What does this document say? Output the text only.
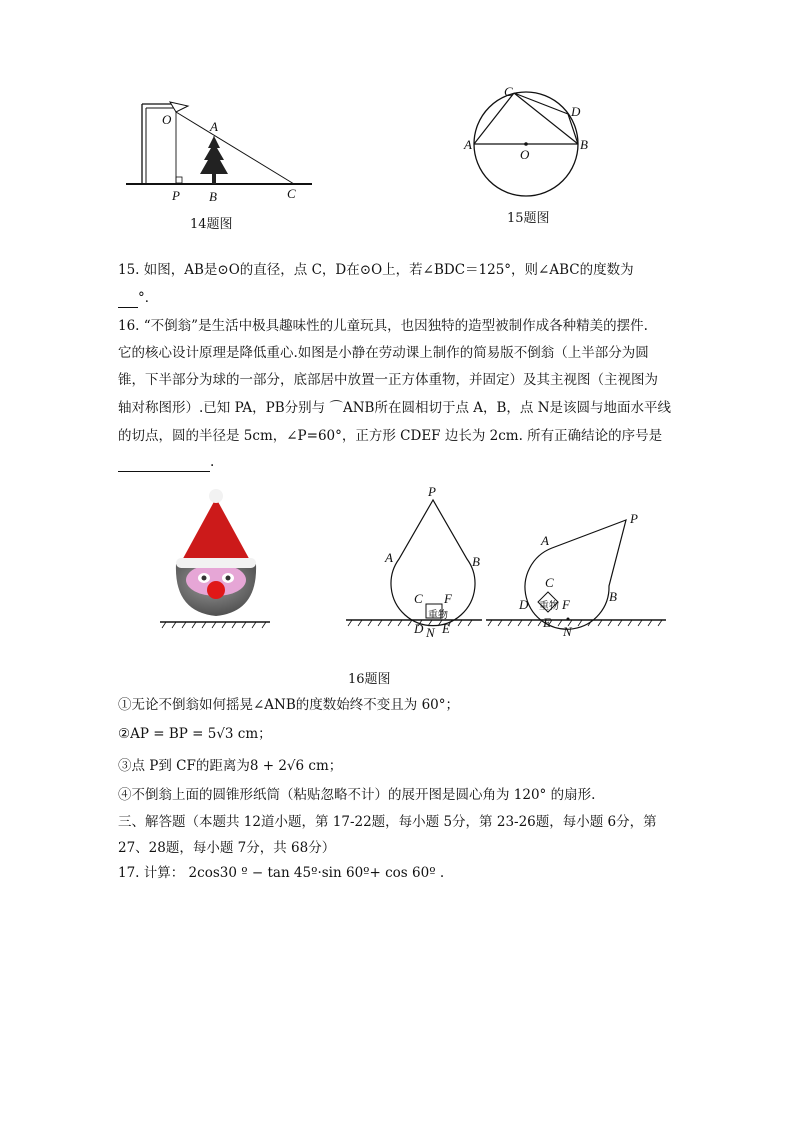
O	A
P B	C
14题图
C
D
A
O
B
15题图
15. 如图，AB是⊙O的直径，点 C，D在⊙O上，若∠BDC＝125°，则∠ABC的度数为
°．
16. “不倒翁”是生活中极具趣味性的儿童玩具，也因独特的造型被制作成各种精美的摆件.
它的核心设计原理是降低重心.如图是小静在劳动课上制作的简易版不倒翁（上半部分为圆
锥，下半部分为球的一部分，底部居中放置一正方体重物，并固定）及其主视图（主视图为
轴对称图形）.已知 PA，PB分别与 ⌒ANB所在圆相切于点 A，B，点 N是该圆与地面水平线
的切点，圆的半径是 5cm，∠P=60°，正方形 CDEF 边长为 2cm. 所有正确结论的序号是
.
重物
P
A	B
C F
D N E
重物
P
A
C
B
D	F
E
N
16题图
①无论不倒翁如何摇晃∠ANB的度数始终不变且为 60°；
②AP = BP = 5√3 cm；
③点 P到 CF的距离为8 + 2√6 cm；
④不倒翁上面的圆锥形纸筒（粘贴忽略不计）的展开图是圆心角为 120° 的扇形.
三、解答题（本题共 12道小题，第 17-22题，每小题 5分，第 23-26题，每小题 6分，第
27、28题，每小题 7分，共 68分）
17. 计算： 2cos30 º − tan 45º·sin 60º+ cos 60º .
